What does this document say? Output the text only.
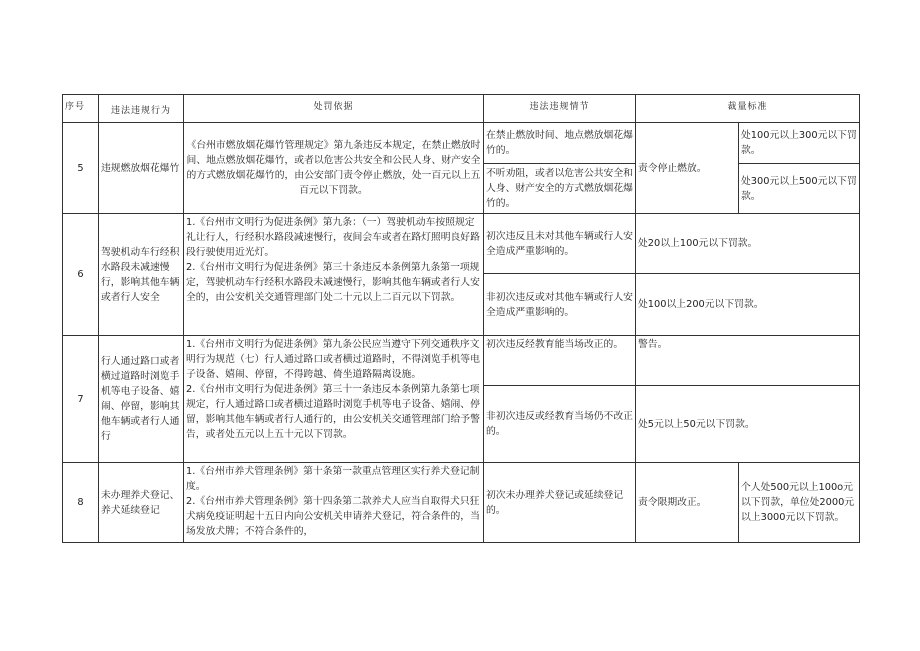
序号	违法违规行为	处罚依据	违法违规情节	裁量标准	
5	违规燃放烟花爆竹	《台州市燃放烟花爆竹管理规定》第九条违反本规定，在禁止燃放时间、地点燃放烟花爆竹，或者以危害公共安全和公民人身、财产安全的方式燃放烟花爆竹的，由公安部门责令停止燃放，处一百元以上五百元以下罚款。	在禁止燃放时间、地点燃放烟花爆竹的。	责令停止燃放。	处100元以上300元以下罚款。
			不听劝阻，或者以危害公共安全和人身、财产安全的方式燃放烟花爆竹的。		处300元以上500元以下罚款。
6	驾驶机动车行经积水路段未减速慢行，影响其他车辆或者行人安全	1.《台州市文明行为促进条例》第九条：（一）驾驶机动车按照规定礼让行人，行经积水路段减速慢行，夜间会车或者在路灯照明良好路段行驶使用近光灯。
2.《台州市文明行为促进条例》第三十条违反本条例第九条第一项规定，驾驶机动车行经积水路段未减速慢行，影响其他车辆或者行人安全的，由公安机关交通管理部门处二十元以上二百元以下罚款。	初次违反且未对其他车辆或行人安全造成严重影响的。	处20以上100元以下罚款。	
			非初次违反或对其他车辆或行人安全造成严重影响的。	处100以上200元以下罚款。	
7	行人通过路口或者横过道路时浏览手机等电子设备、嬉闹、停留，影响其他车辆或者行人通行	1.《台州市文明行为促进条例》第九条公民应当遵守下列交通秩序文明行为规范（七）行人通过路口或者横过道路时，不得浏览手机等电子设备、嬉闹、停留，不得跨越、倚坐道路隔离设施。
2.《台州市文明行为促进条例》第三十一条违反本条例第九条第七项规定，行人通过路口或者横过道路时浏览手机等电子设备、嬉闹、停留，影响其他车辆或者行人通行的，由公安机关交通管理部门给予警告，或者处五元以上五十元以下罚款。	初次违反经教育能当场改正的。	警告。	
			非初次违反或经教育当场仍不改正的。	处5元以上50元以下罚款。	
8	未办理养犬登记、养犬延续登记	1.《台州市养犬管理条例》第十条第一款重点管理区实行养犬登记制度。
2.《台州市养犬管理条例》第十四条第二款养犬人应当自取得犬只狂犬病免疫证明起十五日内向公安机关申请养犬登记，符合条件的，当场发放犬牌；不符合条件的，	初次未办理养犬登记或延续登记的。	责令限期改正。	个人处500元以上100o元以下罚款，单位处2000元以上3000元以下罚款。
